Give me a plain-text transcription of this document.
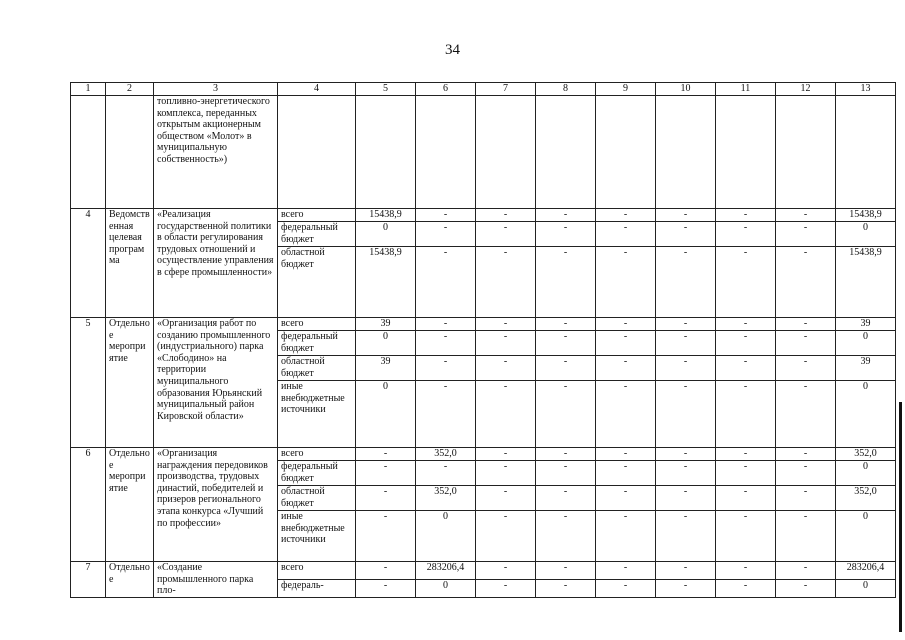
34
1	2	3	4	5	6	7	8	9	10	11	12	13
		топливно-энергетического комплекса, переданных открытым акционерным обществом «Молот» в муниципальную собственность»)										
4	Ведомственная целевая программа	«Реализация государственной политики в области регулирования трудовых отношений и осуществление управления в сфере промышленности»	всего	15438,9	-	-	-	-	-	-	-	15438,9
			федеральный бюджет	0	-	-	-	-	-	-	-	0
			областной бюджет	15438,9	-	-	-	-	-	-	-	15438,9
5	Отдельное мероприятие	«Организация работ по созданию промышленного (индустриального) парка «Слободино» на территории муниципального образования Юрьянский муниципальный район Кировской области»	всего	39	-	-	-	-	-	-	-	39
			федеральный бюджет	0	-	-	-	-	-	-	-	0
			областной бюджет	39	-	-	-	-	-	-	-	39
			иные внебюджетные источники	0	-	-	-	-	-	-	-	0
6	Отдельное мероприятие	«Организация награждения передовиков производства, трудовых династий, победителей и призеров регионального этапа конкурса «Лучший по профессии»	всего	-	352,0	-	-	-	-	-	-	352,0
			федеральный бюджет	-	-	-	-	-	-	-	-	0
			областной бюджет	-	352,0	-	-	-	-	-	-	352,0
			иные внебюджетные источники	-	0	-	-	-	-	-	-	0
7	Отдельное	«Создание промышленного парка пло-	всего	-	283206,4	-	-	-	-	-	-	283206,4
			федераль-	-	0	-	-	-	-	-	-	0
